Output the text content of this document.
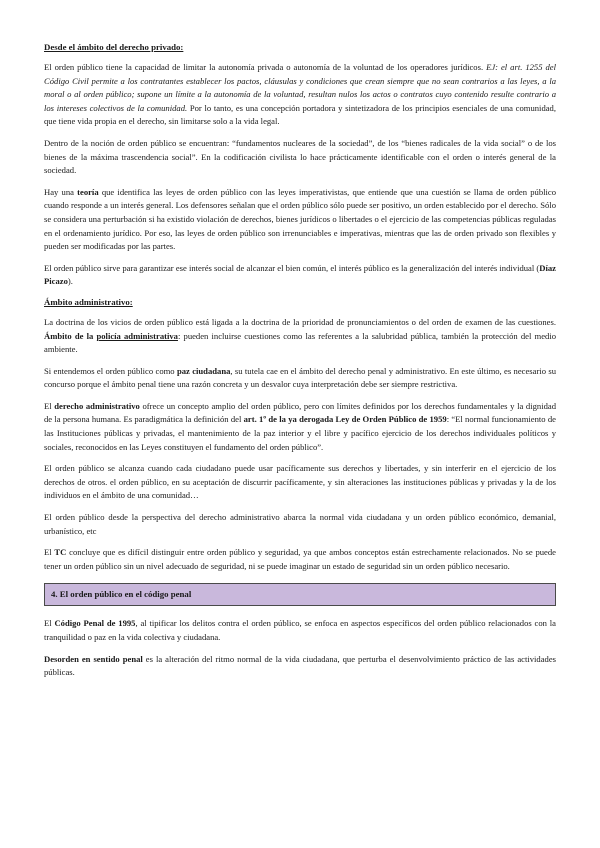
Desde el ámbito del derecho privado:

El orden público tiene la capacidad de limitar la autonomía privada o autonomía de la voluntad de los operadores jurídicos. EJ: el art. 1255 del Código Civil permite a los contratantes establecer los pactos, cláusulas y condiciones que crean siempre que no sean contrarios a las leyes, a la moral o al orden público; supone un límite a la autonomía de la voluntad, resultan nulos los actos o contratos cuyo contenido resulte contrario a los intereses colectivos de la comunidad. Por lo tanto, es una concepción portadora y sintetizadora de los principios esenciales de una comunidad, que tiene vida propia en el derecho, sin limitarse solo a la vida legal.

Dentro de la noción de orden público se encuentran: “fundamentos nucleares de la sociedad”, de los “bienes radicales de la vida social” o de los bienes de la máxima trascendencia social”. En la codificación civilista lo hace prácticamente identificable con el orden o interés general de la sociedad.

Hay una teoría que identifica las leyes de orden público con las leyes imperativistas, que entiende que una cuestión se llama de orden público cuando responde a un interés general. Los defensores señalan que el orden público sólo puede ser positivo, un orden establecido por el derecho. Sólo se considera una perturbación si ha existido violación de derechos, bienes jurídicos o libertades o el ejercicio de las competencias públicas reguladas en el ordenamiento jurídico. Por eso, las leyes de orden público son irrenunciables e imperativas, mientras que las de orden privado son flexibles y pueden ser modificadas por las partes.

El orden público sirve para garantizar ese interés social de alcanzar el bien común, el interés público es la generalización del interés individual (Díaz Picazo).

Ámbito administrativo:

La doctrina de los vicios de orden público está ligada a la doctrina de la prioridad de pronunciamientos o del orden de examen de las cuestiones. Ámbito de la policía administrativa: pueden incluirse cuestiones como las referentes a la salubridad pública, también la protección del medio ambiente.

Si entendemos el orden público como paz ciudadana, su tutela cae en el ámbito del derecho penal y administrativo. En este último, es necesario su concurso porque el ámbito penal tiene una razón concreta y un desvalor cuya interpretación debe ser siempre restrictiva.

El derecho administrativo ofrece un concepto amplio del orden público, pero con límites definidos por los derechos fundamentales y la dignidad de la persona humana. Es paradigmática la definición del art. 1º de la ya derogada Ley de Orden Público de 1959: “El normal funcionamiento de las Instituciones públicas y privadas, el mantenimiento de la paz interior y el libre y pacífico ejercicio de los derechos individuales políticos y sociales, reconocidos en las Leyes constituyen el fundamento del orden público”.

El orden público se alcanza cuando cada ciudadano puede usar pacíficamente sus derechos y libertades, y sin interferir en el ejercicio de los derechos de otros. el orden público, en su aceptación de discurrir pacíficamente, y sin alteraciones las instituciones públicas y privadas y la de los individuos en el ámbito de una comunidad…

El orden público desde la perspectiva del derecho administrativo abarca la normal vida ciudadana y un orden público económico, demanial, urbanístico, etc

El TC concluye que es difícil distinguir entre orden público y seguridad, ya que ambos conceptos están estrechamente relacionados. No se puede tener un orden público sin un nivel adecuado de seguridad, ni se puede imaginar un estado de seguridad sin un orden público necesario.

4. El orden público en el código penal

El Código Penal de 1995, al tipificar los delitos contra el orden público, se enfoca en aspectos específicos del orden público relacionados con la tranquilidad o paz en la vida colectiva y ciudadana.

Desorden en sentido penal es la alteración del ritmo normal de la vida ciudadana, que perturba el desenvolvimiento práctico de las actividades públicas.
